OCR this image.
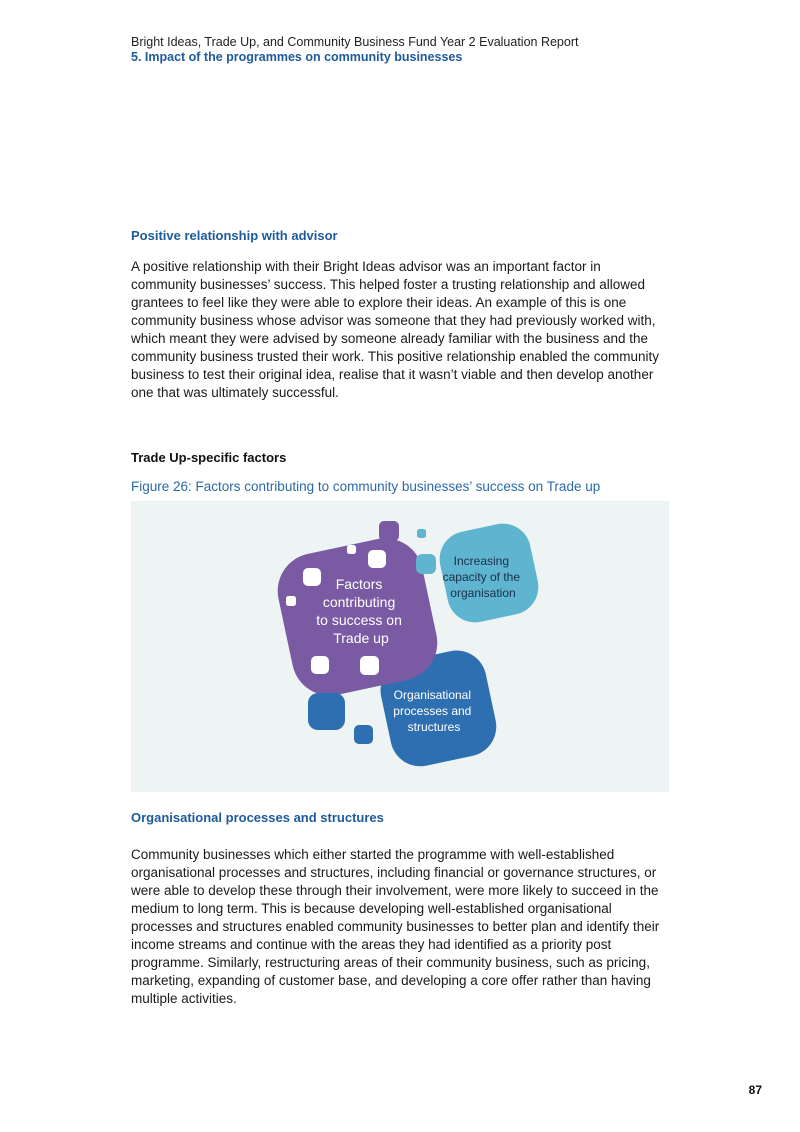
Bright Ideas, Trade Up, and Community Business Fund Year 2 Evaluation Report
5. Impact of the programmes on community businesses
Positive relationship with advisor

A positive relationship with their Bright Ideas advisor was an important factor in community businesses’ success. This helped foster a trusting relationship and allowed grantees to feel like they were able to explore their ideas. An example of this is one community business whose advisor was someone that they had previously worked with, which meant they were advised by someone already familiar with the business and the community business trusted their work. This positive relationship enabled the community business to test their original idea, realise that it wasn’t viable and then develop another one that was ultimately successful.

Trade Up-specific factors
Figure 26: Factors contributing to community businesses’ success on Trade up
Factors contributing to success on Trade up
Increasing capacity of the organisation
Organisational processes and structures
Organisational processes and structures

Community businesses which either started the programme with well-established organisational processes and structures, including financial or governance structures, or were able to develop these through their involvement, were more likely to succeed in the medium to long term. This is because developing well-established organisational processes and structures enabled community businesses to better plan and identify their income streams and continue with the areas they had identified as a priority post programme. Similarly, restructuring areas of their community business, such as pricing, marketing, expanding of customer base, and developing a core offer rather than having multiple activities.

87
